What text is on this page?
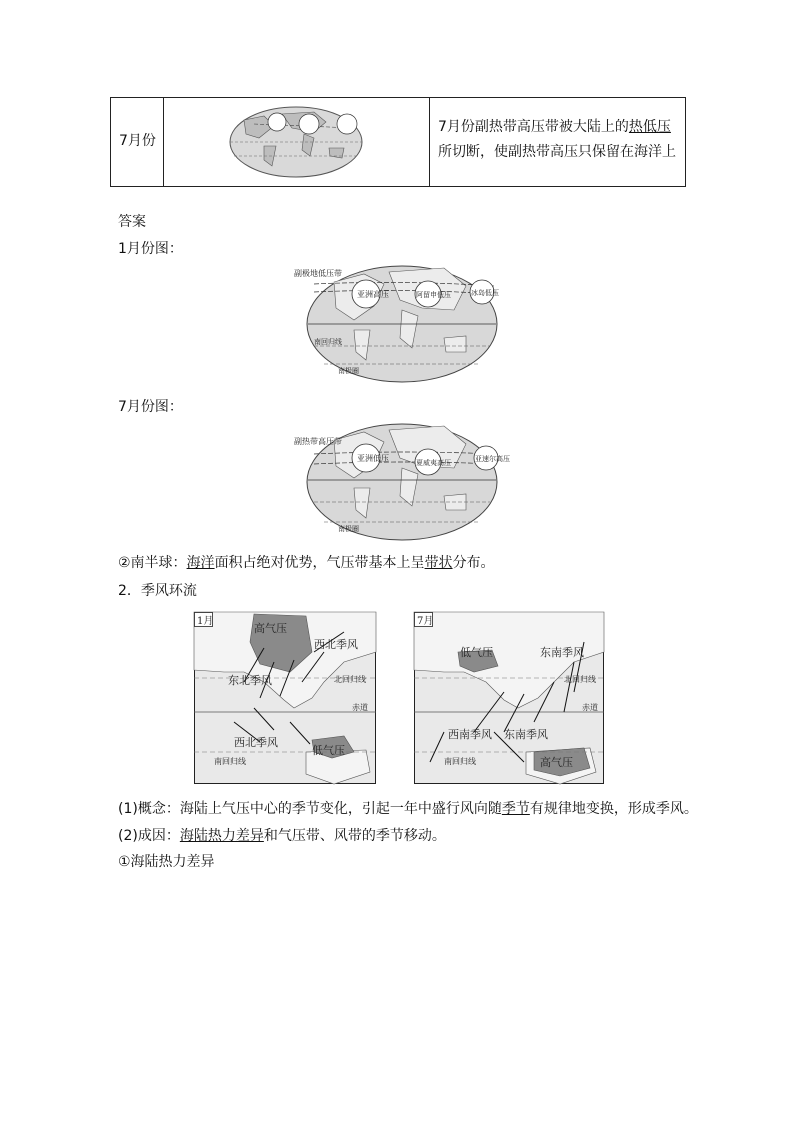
7月份
7月份副热带高压带被大陆上的热低压所切断，使副热带高压只保留在海洋上
答案
1月份图：
副极地低压带
亚洲高压	阿留申低压	冰岛低压
南回归线
南极圈
7月份图：
副热带高压带
亚洲低压	夏威夷高压	亚速尔高压
南极圈
②南半球：海洋面积占绝对优势，气压带基本上呈带状分布。
2．季风环流
1月
高气压
西北季风
东北季风	北回归线
赤道
西北季风
低气压
南回归线
7月
低气压	东南季风
北回归线
西南季风
赤道
东南季风
高气压
南回归线
(1)概念：海陆上气压中心的季节变化，引起一年中盛行风向随季节有规律地变换，形成季风。
(2)成因：海陆热力差异和气压带、风带的季节移动。
①海陆热力差异
